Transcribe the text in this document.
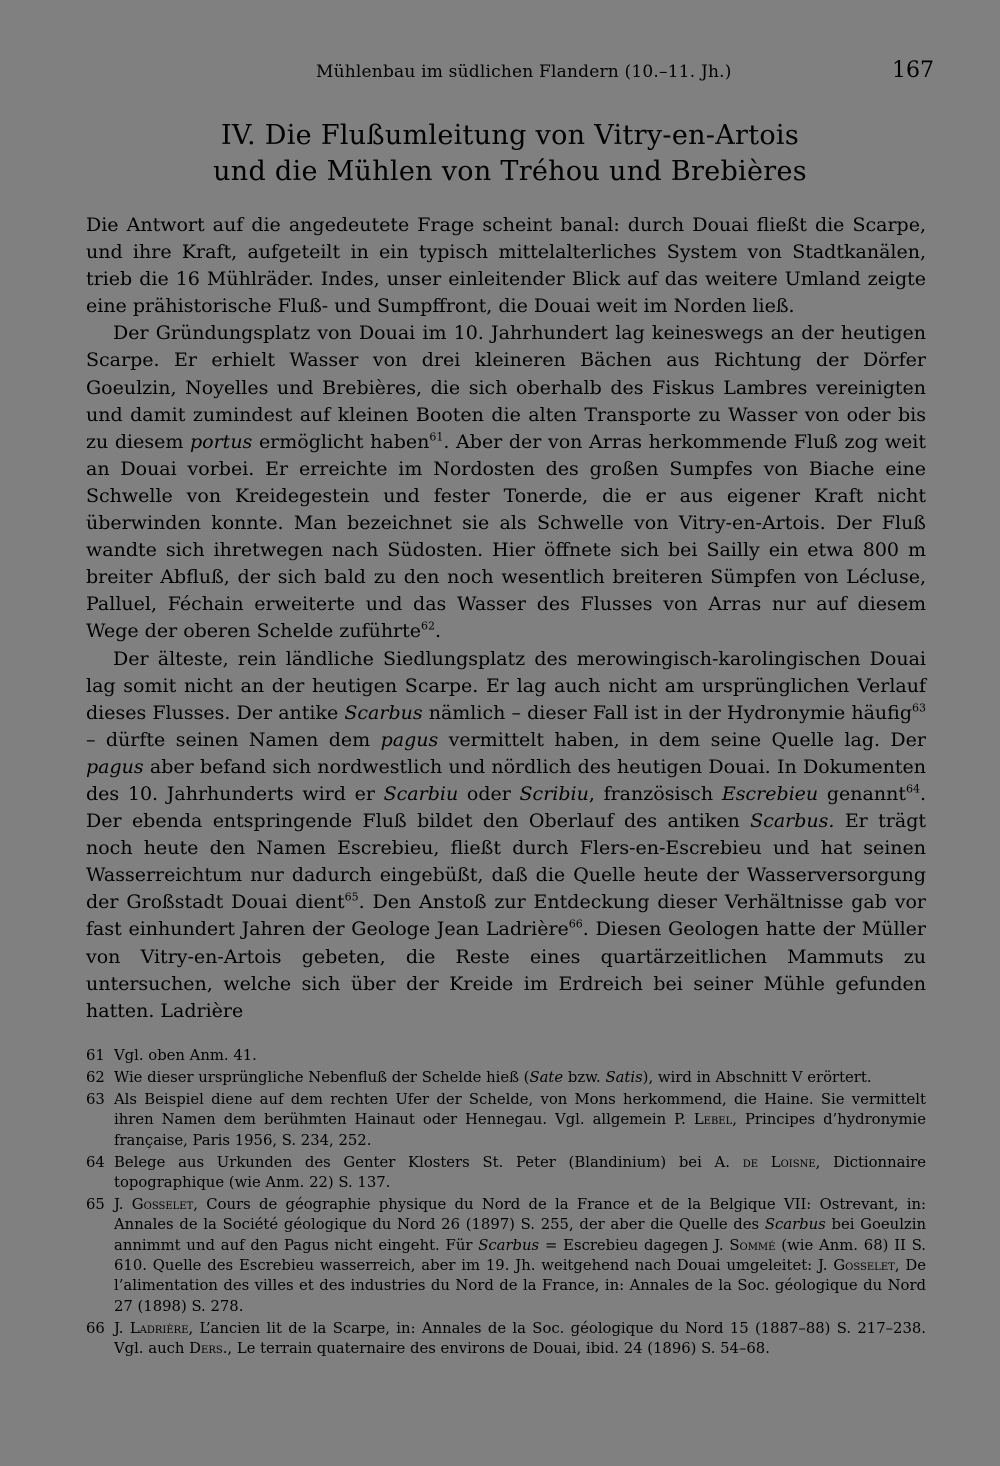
Mühlenbau im südlichen Flandern (10.–11. Jh.)	167
IV. Die Flußumleitung von Vitry-en-Artois
und die Mühlen von Tréhou und Brebières

Die Antwort auf die angedeutete Frage scheint banal: durch Douai fließt die Scarpe, und ihre Kraft, aufgeteilt in ein typisch mittelalterliches System von Stadtkanälen, trieb die 16 Mühlräder. Indes, unser einleitender Blick auf das weitere Umland zeigte eine prähistorische Fluß- und Sumpffront, die Douai weit im Norden ließ.

Der Gründungsplatz von Douai im 10. Jahrhundert lag keineswegs an der heutigen Scarpe. Er erhielt Wasser von drei kleineren Bächen aus Richtung der Dörfer Goeulzin, Noyelles und Brebières, die sich oberhalb des Fiskus Lambres vereinigten und damit zumindest auf kleinen Booten die alten Transporte zu Wasser von oder bis zu diesem portus ermöglicht haben$^{61}$. Aber der von Arras herkommende Fluß zog weit an Douai vorbei. Er erreichte im Nordosten des großen Sumpfes von Biache eine Schwelle von Kreidegestein und fester Tonerde, die er aus eigener Kraft nicht überwinden konnte. Man bezeichnet sie als Schwelle von Vitry-en-Artois. Der Fluß wandte sich ihretwegen nach Südosten. Hier öffnete sich bei Sailly ein etwa 800 m breiter Abfluß, der sich bald zu den noch wesentlich breiteren Sümpfen von Lécluse, Palluel, Féchain erweiterte und das Wasser des Flusses von Arras nur auf diesem Wege der oberen Schelde zuführte$^{62}$.

Der älteste, rein ländliche Siedlungsplatz des merowingisch-karolingischen Douai lag somit nicht an der heutigen Scarpe. Er lag auch nicht am ursprünglichen Verlauf dieses Flusses. Der antike Scarbus nämlich – dieser Fall ist in der Hydronymie häufig$^{63}$ – dürfte seinen Namen dem pagus vermittelt haben, in dem seine Quelle lag. Der pagus aber befand sich nordwestlich und nördlich des heutigen Douai. In Dokumenten des 10. Jahrhunderts wird er Scarbiu oder Scribiu, französisch Escrebieu genannt$^{64}$. Der ebenda entspringende Fluß bildet den Oberlauf des antiken Scarbus. Er trägt noch heute den Namen Escrebieu, fließt durch Flers-en-Escrebieu und hat seinen Wasserreichtum nur dadurch eingebüßt, daß die Quelle heute der Wasserversorgung der Großstadt Douai dient$^{65}$. Den Anstoß zur Entdeckung dieser Verhältnisse gab vor fast einhundert Jahren der Geologe Jean Ladrière$^{66}$. Diesen Geologen hatte der Müller von Vitry-en-Artois gebeten, die Reste eines quartärzeitlichen Mammuts zu untersuchen, welche sich über der Kreide im Erdreich bei seiner Mühle gefunden hatten. Ladrière

61 Vgl. oben Anm. 41.
62 Wie dieser ursprüngliche Nebenfluß der Schelde hieß (Sate bzw. Satis), wird in Abschnitt V erörtert.
63 Als Beispiel diene auf dem rechten Ufer der Schelde, von Mons herkommend, die Haine. Sie vermittelt ihren Namen dem berühmten Hainaut oder Hennegau. Vgl. allgemein P. Lebel, Principes d’hydronymie française, Paris 1956, S. 234, 252.
64 Belege aus Urkunden des Genter Klosters St. Peter (Blandinium) bei A. de Loisne, Dictionnaire topographique (wie Anm. 22) S. 137.
65 J. Gosselet, Cours de géographie physique du Nord de la France et de la Belgique VII: Ostrevant, in: Annales de la Société géologique du Nord 26 (1897) S. 255, der aber die Quelle des Scarbus bei Goeulzin annimmt und auf den Pagus nicht eingeht. Für Scarbus = Escrebieu dagegen J. Sommé (wie Anm. 68) II S. 610. Quelle des Escrebieu wasserreich, aber im 19. Jh. weitgehend nach Douai umgeleitet: J. Gosselet, De l’alimentation des villes et des industries du Nord de la France, in: Annales de la Soc. géologique du Nord 27 (1898) S. 278.
66 J. Ladrière, L’ancien lit de la Scarpe, in: Annales de la Soc. géologique du Nord 15 (1887–88) S. 217–238. Vgl. auch Ders., Le terrain quaternaire des environs de Douai, ibid. 24 (1896) S. 54–68.
